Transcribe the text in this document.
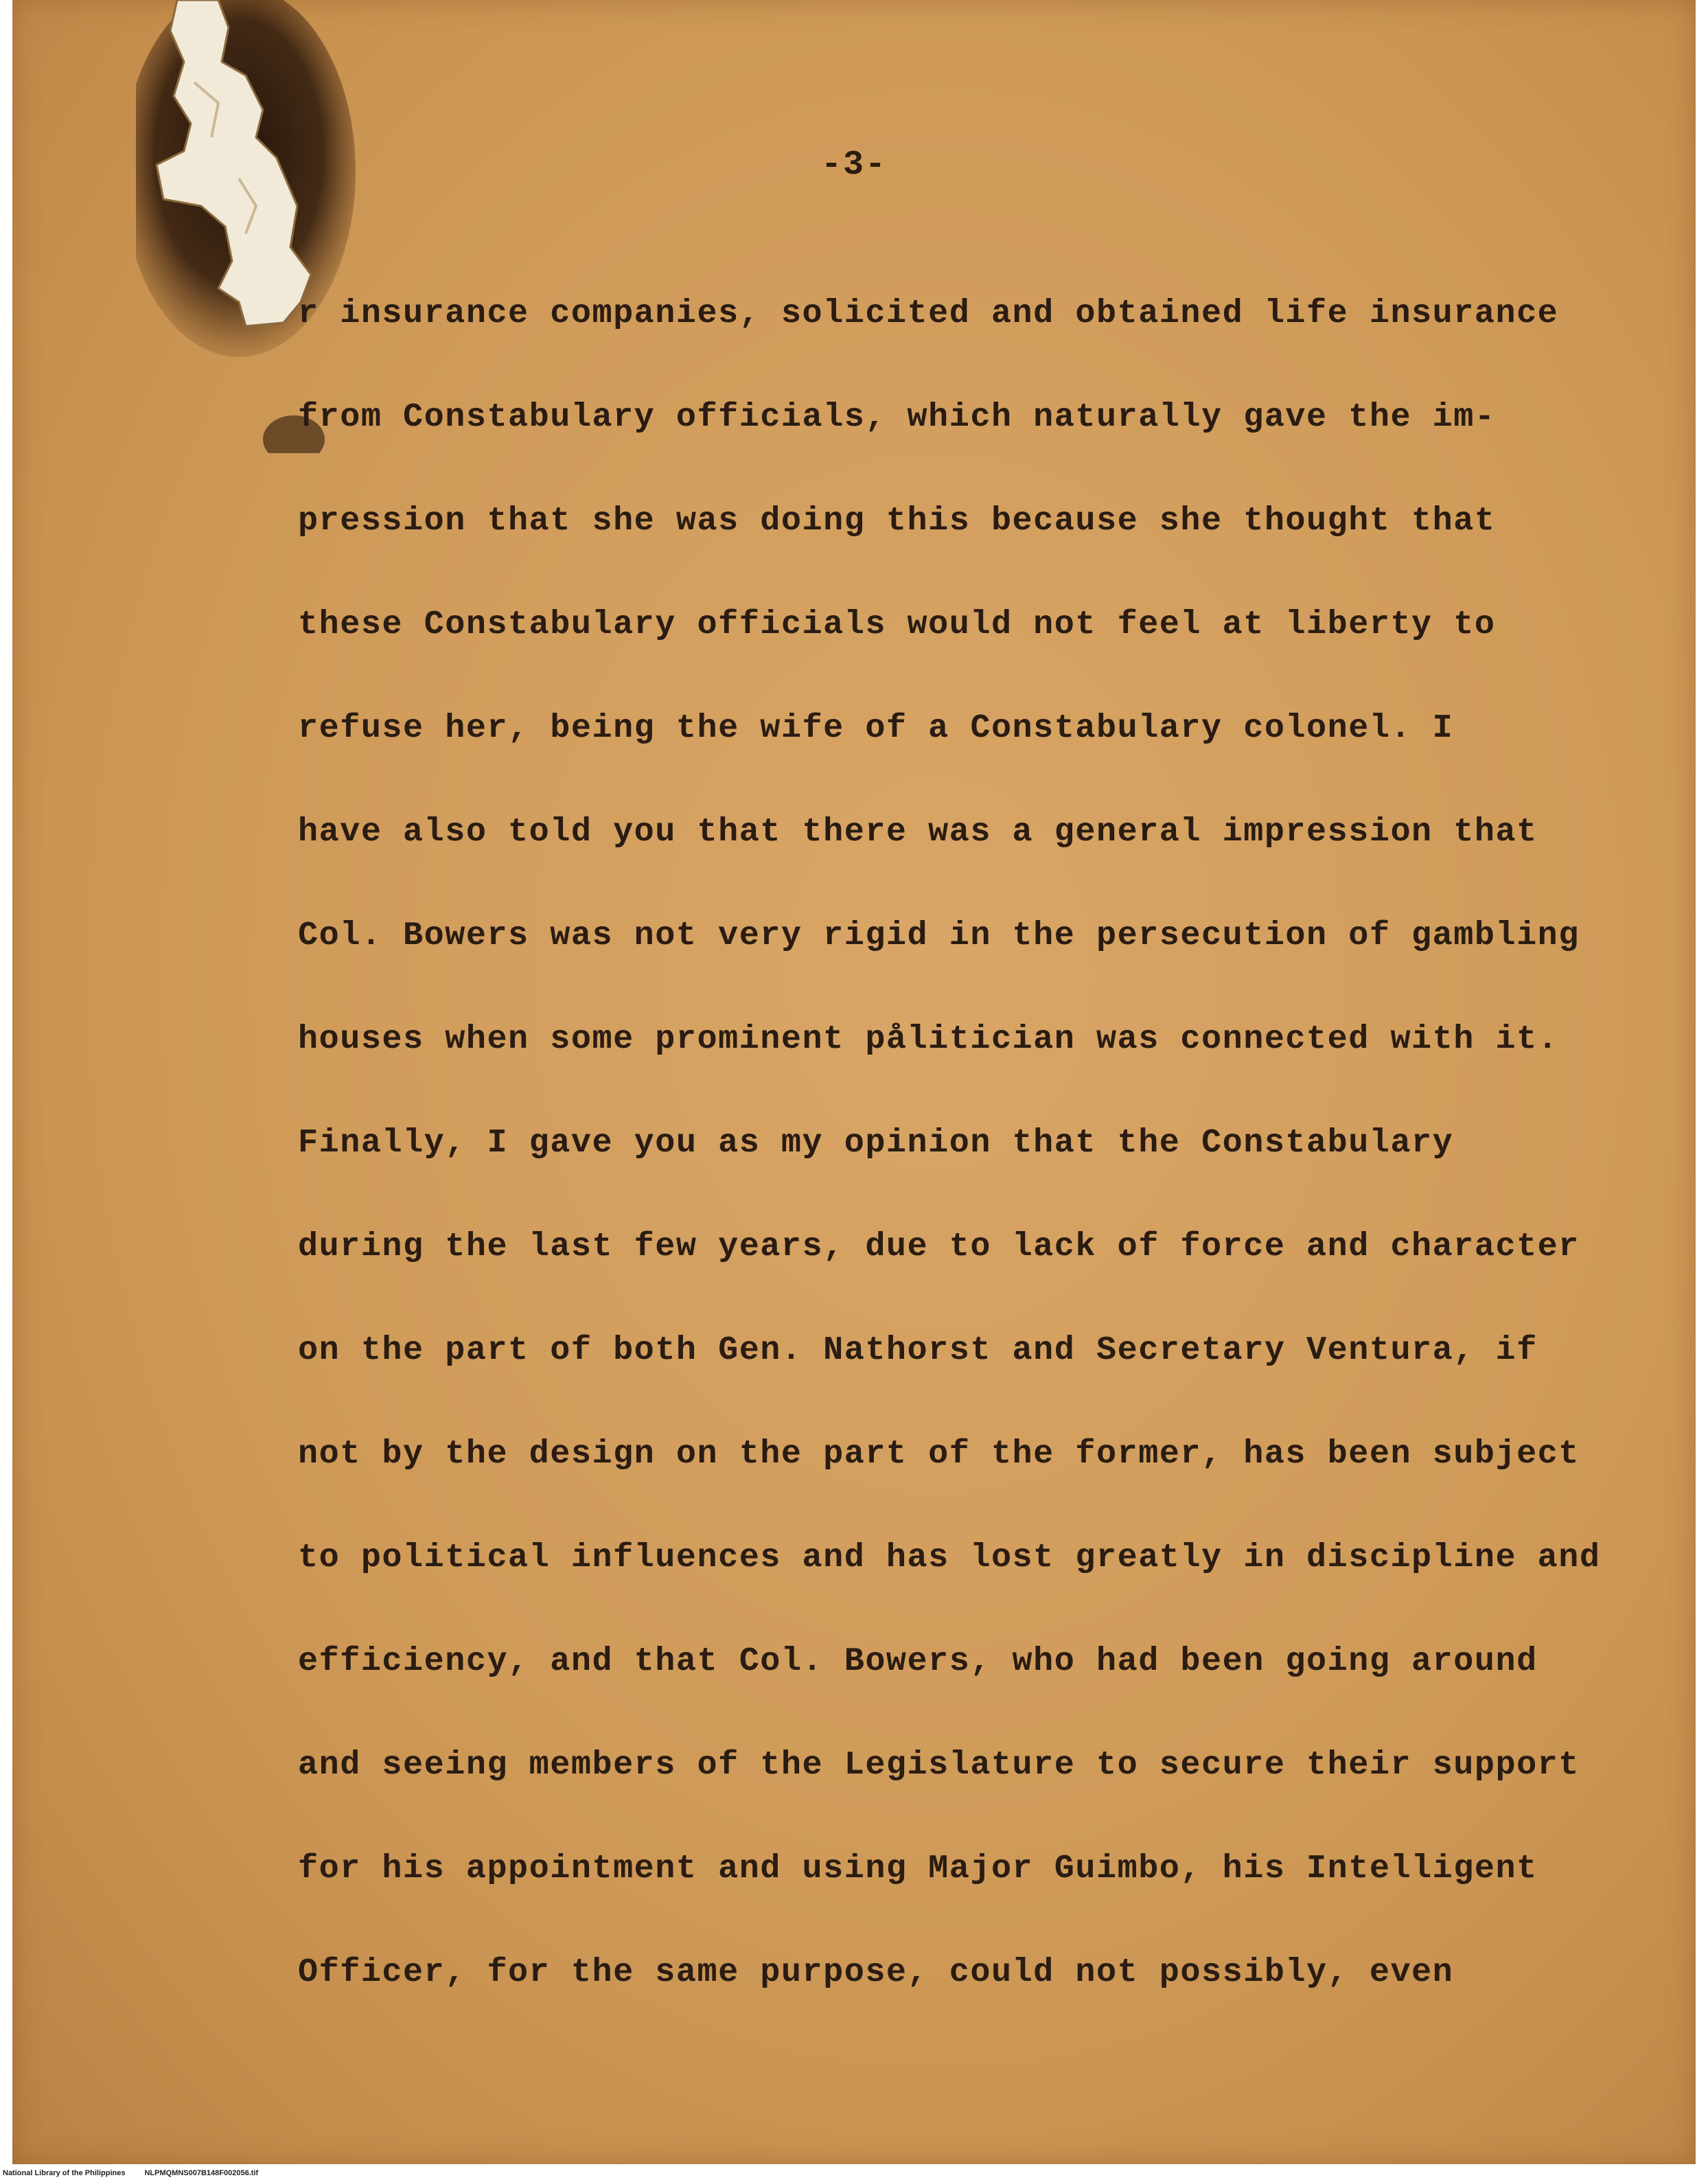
-3-
r insurance companies, solicited and obtained life insurance
from Constabulary officials, which naturally gave the im-
pression that she was doing this because she thought that
these Constabulary officials would not feel at liberty to
refuse her, being the wife of a Constabulary colonel. I
have also told you that there was a general impression that
Col. Bowers was not very rigid in the persecution of gambling
houses when some prominent pålitician was connected with it.
Finally, I gave you as my opinion that the Constabulary
during the last few years, due to lack of force and character
on the part of both Gen. Nathorst and Secretary Ventura, if
not by the design on the part of the former, has been subject
to political influences and has lost greatly in discipline and
efficiency, and that Col. Bowers, who had been going around
and seeing members of the Legislature to secure their support
for his appointment and using Major Guimbo, his Intelligent
Officer, for the same purpose, could not possibly, even
National Library of the Philippines	NLPMQMNS007B148F002056.tif
